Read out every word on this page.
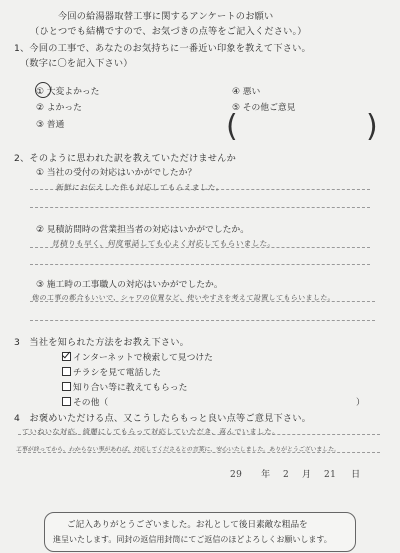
今回の給湯器取替工事に関するアンケートのお願い
（ひとつでも結構ですので、お気づきの点等をご記入ください。）
1、今回の工事で、あなたのお気持ちに一番近い印象を教えて下さい。
（数字に〇を記入下さい）
① 大変よかった
② よかった
③ 普通
④ 悪い
⑤ その他ご意見
(	)
2、そのように思われた訳を教えていただけませんか
① 当社の受付の対応はいかがでしたか？
新鮮にお伝えした件も対応してもらえました。
② 見積訪問時の営業担当者の対応はいかがでしたか。
見積りも早く、何度電話しても心よく対応してもらいました。
③ 施工時の工事職人の対応はいかがでしたか。
他の工事の都合もいいで、シャワの位置など、使いやすさを考えて設置してもらいました。
3　当社を知られた方法をお教え下さい。
インターネットで検索して見つけた
チラシを見て電話した
知り合い等に教えてもらった
その他（	）
4　お褒めいただける点、又こうしたらもっと良い点等ご意見下さい。
ていねいな対応、綺麗にしてもらって対応していただき、喜んでいました。
工事が終ってから、わからない事があれば、対応してくださるとの言葉に、安心いたしました。ありがとうございました。
29 年 2 月 21 日
ご記入ありがとうございました。お礼として後日素敵な粗品を
進呈いたします。同封の返信用封筒にてご返信のほどよろしくお願いします。
